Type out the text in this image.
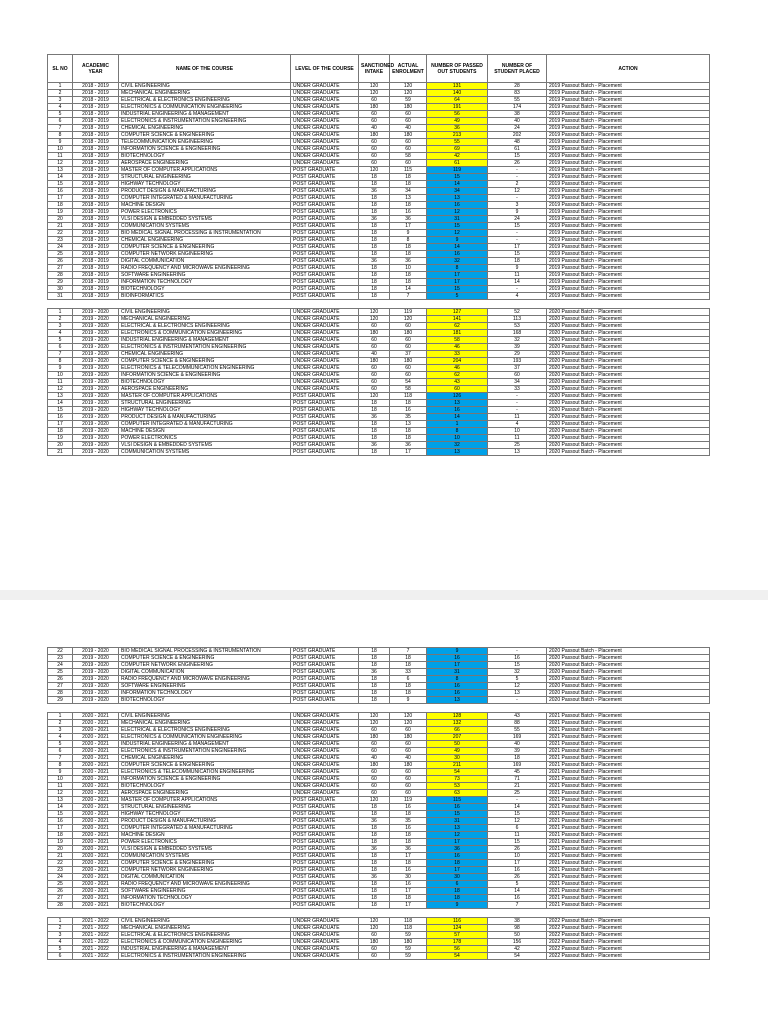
SL NO	ACADEMIC YEAR	NAME OF THE COURSE	LEVEL OF THE COURSE	SANCTIONED INTAKE	ACTUAL ENROLMENT	NUMBER OF PASSED OUT STUDENTS	NUMBER OF STUDENT PLACED	ACTION
1	2018 - 2019	CIVIL ENGINEERING	UNDER GRADUATE	120	120	131	28	2019 Passout Batch - Placement
2	2018 - 2019	MECHANICAL ENGINEERING	UNDER GRADUATE	120	120	140	83	2019 Passout Batch - Placement
3	2018 - 2019	ELECTRICAL & ELECTRONICS ENGINEERING	UNDER GRADUATE	60	59	64	55	2019 Passout Batch - Placement
4	2018 - 2019	ELECTRONICS & COMMUNICATION ENGINEERING	UNDER GRADUATE	180	180	191	174	2019 Passout Batch - Placement
5	2018 - 2019	INDUSTRIAL ENGINEERING & MANAGEMENT	UNDER GRADUATE	60	60	56	38	2019 Passout Batch - Placement
6	2018 - 2019	ELECTRONICS & INSTRUMENTATION ENGINEERING	UNDER GRADUATE	60	60	49	40	2019 Passout Batch - Placement
7	2018 - 2019	CHEMICAL ENGINEERING	UNDER GRADUATE	40	40	36	24	2019 Passout Batch - Placement
8	2018 - 2019	COMPUTER SCIENCE & ENGINEERING	UNDER GRADUATE	180	180	213	202	2019 Passout Batch - Placement
9	2018 - 2019	TELECOMMUNICATION ENGINEERING	UNDER GRADUATE	60	60	55	48	2019 Passout Batch - Placement
10	2018 - 2019	INFORMATION SCIENCE & ENGINEERING	UNDER GRADUATE	60	60	69	61	2019 Passout Batch - Placement
11	2018 - 2019	BIOTECHNOLOGY	UNDER GRADUATE	60	58	42	15	2019 Passout Batch - Placement
12	2018 - 2019	AEROSPACE ENGINEERING	UNDER GRADUATE	60	60	61	26	2019 Passout Batch - Placement
13	2018 - 2019	MASTER OF COMPUTER APPLICATIONS	POST GRADUATE	120	115	119	-	2019 Passout Batch - Placement
14	2018 - 2019	STRUCTURAL ENGINEERING	POST GRADUATE	18	18	15	-	2019 Passout Batch - Placement
15	2018 - 2019	HIGHWAY TECHNOLOGY	POST GRADUATE	18	18	14	2	2019 Passout Batch - Placement
16	2018 - 2019	PRODUCT DESIGN & MANUFACTURING	POST GRADUATE	36	34	34	12	2019 Passout Batch - Placement
17	2018 - 2019	COMPUTER INTEGRATED & MANUFACTURING	POST GRADUATE	18	13	13	-	2019 Passout Batch - Placement
18	2018 - 2019	MACHINE DESIGN	POST GRADUATE	18	18	16	3	2019 Passout Batch - Placement
19	2018 - 2019	POWER ELECTRONICS	POST GRADUATE	18	16	12	9	2019 Passout Batch - Placement
20	2018 - 2019	VLSI DESIGN & EMBEDDED SYSTEMS	POST GRADUATE	36	36	31	24	2019 Passout Batch - Placement
21	2018 - 2019	COMMUNICATION SYSTEMS	POST GRADUATE	18	17	15	15	2019 Passout Batch - Placement
22	2018 - 2019	BIO MEDICAL SIGNAL PROCESSING & INSTRUMENTATION	POST GRADUATE	18	9	12	-	2019 Passout Batch - Placement
23	2018 - 2019	CHEMICAL ENGINEERING	POST GRADUATE	18	8	9	-	2019 Passout Batch - Placement
24	2018 - 2019	COMPUTER SCIENCE & ENGINEERING	POST GRADUATE	18	18	14	17	2019 Passout Batch - Placement
25	2018 - 2019	COMPUTER NETWORK ENGINEERING	POST GRADUATE	18	18	16	15	2019 Passout Batch - Placement
26	2018 - 2019	DIGITAL COMMUNICATION	POST GRADUATE	36	36	32	18	2019 Passout Batch - Placement
27	2018 - 2019	RADIO FREQUENCY AND MICROWAVE ENGINEERING	POST GRADUATE	18	10	8	9	2019 Passout Batch - Placement
28	2018 - 2019	SOFTWARE ENGINEERING	POST GRADUATE	18	18	17	11	2019 Passout Batch - Placement
29	2018 - 2019	INFORMATION TECHNOLOGY	POST GRADUATE	18	18	17	14	2019 Passout Batch - Placement
30	2018 - 2019	BIOTECHNOLOGY	POST GRADUATE	18	14	15	-	2019 Passout Batch - Placement
31	2018 - 2019	BIOINFORMATICS	POST GRADUATE	18	7	5	4	2019 Passout Batch - Placement

1	2019 - 2020	CIVIL ENGINEERING	UNDER GRADUATE	120	119	127	52	2020 Passout Batch - Placement
2	2019 - 2020	MECHANICAL ENGINEERING	UNDER GRADUATE	120	120	141	113	2020 Passout Batch - Placement
3	2019 - 2020	ELECTRICAL & ELECTRONICS ENGINEERING	UNDER GRADUATE	60	60	62	53	2020 Passout Batch - Placement
4	2019 - 2020	ELECTRONICS & COMMUNICATION ENGINEERING	UNDER GRADUATE	180	180	181	168	2020 Passout Batch - Placement
5	2019 - 2020	INDUSTRIAL ENGINEERING & MANAGEMENT	UNDER GRADUATE	60	60	58	32	2020 Passout Batch - Placement
6	2019 - 2020	ELECTRONICS & INSTRUMENTATION ENGINEERING	UNDER GRADUATE	60	60	46	39	2020 Passout Batch - Placement
7	2019 - 2020	CHEMICAL ENGINEERING	UNDER GRADUATE	40	37	33	29	2020 Passout Batch - Placement
8	2019 - 2020	COMPUTER SCIENCE & ENGINEERING	UNDER GRADUATE	180	180	204	193	2020 Passout Batch - Placement
9	2019 - 2020	ELECTRONICS & TELECOMMUNICATION ENGINEERING	UNDER GRADUATE	60	60	46	37	2020 Passout Batch - Placement
10	2019 - 2020	INFORMATION SCIENCE & ENGINEERING	UNDER GRADUATE	60	60	62	60	2020 Passout Batch - Placement
11	2019 - 2020	BIOTECHNOLOGY	UNDER GRADUATE	60	54	43	34	2020 Passout Batch - Placement
12	2019 - 2020	AEROSPACE ENGINEERING	UNDER GRADUATE	60	58	60	33	2020 Passout Batch - Placement
13	2019 - 2020	MASTER OF COMPUTER APPLICATIONS	POST GRADUATE	120	118	126	-	2020 Passout Batch - Placement
14	2019 - 2020	STRUCTURAL ENGINEERING	POST GRADUATE	18	18	13	-	2020 Passout Batch - Placement
15	2019 - 2020	HIGHWAY TECHNOLOGY	POST GRADUATE	18	16	16	-	2020 Passout Batch - Placement
16	2019 - 2020	PRODUCT DESIGN & MANUFACTURING	POST GRADUATE	36	35	14	11	2020 Passout Batch - Placement
17	2019 - 2020	COMPUTER INTEGRATED & MANUFACTURING	POST GRADUATE	18	13	1	4	2020 Passout Batch - Placement
18	2019 - 2020	MACHINE DESIGN	POST GRADUATE	18	18	8	10	2020 Passout Batch - Placement
19	2019 - 2020	POWER ELECTRONICS	POST GRADUATE	18	18	10	11	2020 Passout Batch - Placement
20	2019 - 2020	VLSI DESIGN & EMBEDDED SYSTEMS	POST GRADUATE	36	36	32	25	2020 Passout Batch - Placement
21	2019 - 2020	COMMUNICATION SYSTEMS	POST GRADUATE	18	17	13	13	2020 Passout Batch - Placement
22	2019 - 2020	BIO MEDICAL SIGNAL PROCESSING & INSTRUMENTATION	POST GRADUATE	18	7	9	-	2020 Passout Batch - Placement
23	2019 - 2020	COMPUTER SCIENCE & ENGINEERING	POST GRADUATE	18	18	16	16	2020 Passout Batch - Placement
24	2019 - 2020	COMPUTER NETWORK ENGINEERING	POST GRADUATE	18	18	17	15	2020 Passout Batch - Placement
25	2019 - 2020	DIGITAL COMMUNICATION	POST GRADUATE	36	33	31	32	2020 Passout Batch - Placement
26	2019 - 2020	RADIO FREQUENCY AND MICROWAVE ENGINEERING	POST GRADUATE	18	6	8	5	2020 Passout Batch - Placement
27	2019 - 2020	SOFTWARE ENGINEERING	POST GRADUATE	18	18	16	12	2020 Passout Batch - Placement
28	2019 - 2020	INFORMATION TECHNOLOGY	POST GRADUATE	18	18	16	13	2020 Passout Batch - Placement
29	2019 - 2020	BIOTECHNOLOGY	POST GRADUATE	18	9	13	-	2020 Passout Batch - Placement

1	2020 - 2021	CIVIL ENGINEERING	UNDER GRADUATE	120	120	128	43	2021 Passout Batch - Placement
2	2020 - 2021	MECHANICAL ENGINEERING	UNDER GRADUATE	120	120	132	88	2021 Passout Batch - Placement
3	2020 - 2021	ELECTRICAL & ELECTRONICS ENGINEERING	UNDER GRADUATE	60	60	66	55	2021 Passout Batch - Placement
4	2020 - 2021	ELECTRONICS & COMMUNICATION ENGINEERING	UNDER GRADUATE	180	180	207	169	2021 Passout Batch - Placement
5	2020 - 2021	INDUSTRIAL ENGINEERING & MANAGEMENT	UNDER GRADUATE	60	60	50	40	2021 Passout Batch - Placement
6	2020 - 2021	ELECTRONICS & INSTRUMENTATION ENGINEERING	UNDER GRADUATE	60	60	49	39	2021 Passout Batch - Placement
7	2020 - 2021	CHEMICAL ENGINEERING	UNDER GRADUATE	40	40	30	18	2021 Passout Batch - Placement
8	2020 - 2021	COMPUTER SCIENCE & ENGINEERING	UNDER GRADUATE	180	180	211	169	2021 Passout Batch - Placement
9	2020 - 2021	ELECTRONICS & TELECOMMUNICATION ENGINEERING	UNDER GRADUATE	60	60	54	45	2021 Passout Batch - Placement
10	2020 - 2021	INFORMATION SCIENCE & ENGINEERING	UNDER GRADUATE	60	60	73	71	2021 Passout Batch - Placement
11	2020 - 2021	BIOTECHNOLOGY	UNDER GRADUATE	60	60	53	21	2021 Passout Batch - Placement
12	2020 - 2021	AEROSPACE ENGINEERING	UNDER GRADUATE	60	60	63	25	2021 Passout Batch - Placement
13	2020 - 2021	MASTER OF COMPUTER APPLICATIONS	POST GRADUATE	120	119	115	-	2021 Passout Batch - Placement
14	2020 - 2021	STRUCTURAL ENGINEERING	POST GRADUATE	18	16	16	14	2021 Passout Batch - Placement
15	2020 - 2021	HIGHWAY TECHNOLOGY	POST GRADUATE	18	18	15	15	2021 Passout Batch - Placement
16	2020 - 2021	PRODUCT DESIGN & MANUFACTURING	POST GRADUATE	36	35	31	12	2021 Passout Batch - Placement
17	2020 - 2021	COMPUTER INTEGRATED & MANUFACTURING	POST GRADUATE	18	16	13	6	2021 Passout Batch - Placement
18	2020 - 2021	MACHINE DESIGN	POST GRADUATE	18	18	12	11	2021 Passout Batch - Placement
19	2020 - 2021	POWER ELECTRONICS	POST GRADUATE	18	18	17	15	2021 Passout Batch - Placement
20	2020 - 2021	VLSI DESIGN & EMBEDDED SYSTEMS	POST GRADUATE	36	36	36	26	2021 Passout Batch - Placement
21	2020 - 2021	COMMUNICATION SYSTEMS	POST GRADUATE	18	17	16	10	2021 Passout Batch - Placement
22	2020 - 2021	COMPUTER SCIENCE & ENGINEERING	POST GRADUATE	18	18	18	17	2021 Passout Batch - Placement
23	2020 - 2021	COMPUTER NETWORK ENGINEERING	POST GRADUATE	18	16	17	16	2021 Passout Batch - Placement
24	2020 - 2021	DIGITAL COMMUNICATION	POST GRADUATE	36	30	30	26	2021 Passout Batch - Placement
25	2020 - 2021	RADIO FREQUENCY AND MICROWAVE ENGINEERING	POST GRADUATE	18	16	6	5	2021 Passout Batch - Placement
26	2020 - 2021	SOFTWARE ENGINEERING	POST GRADUATE	18	17	18	14	2021 Passout Batch - Placement
27	2020 - 2021	INFORMATION TECHNOLOGY	POST GRADUATE	18	18	18	16	2021 Passout Batch - Placement
28	2020 - 2021	BIOTECHNOLOGY	POST GRADUATE	18	17	9	7	2021 Passout Batch - Placement

1	2021 - 2022	CIVIL ENGINEERING	UNDER GRADUATE	120	118	116	38	2022 Passout Batch - Placement
2	2021 - 2022	MECHANICAL ENGINEERING	UNDER GRADUATE	120	118	124	98	2022 Passout Batch - Placement
3	2021 - 2022	ELECTRICAL & ELECTRONICS ENGINEERING	UNDER GRADUATE	60	59	57	50	2022 Passout Batch - Placement
4	2021 - 2022	ELECTRONICS & COMMUNICATION ENGINEERING	UNDER GRADUATE	180	180	178	156	2022 Passout Batch - Placement
5	2021 - 2022	INDUSTRIAL ENGINEERING & MANAGEMENT	UNDER GRADUATE	60	59	56	42	2022 Passout Batch - Placement
6	2021 - 2022	ELECTRONICS & INSTRUMENTATION ENGINEERING	UNDER GRADUATE	60	59	54	54	2022 Passout Batch - Placement
